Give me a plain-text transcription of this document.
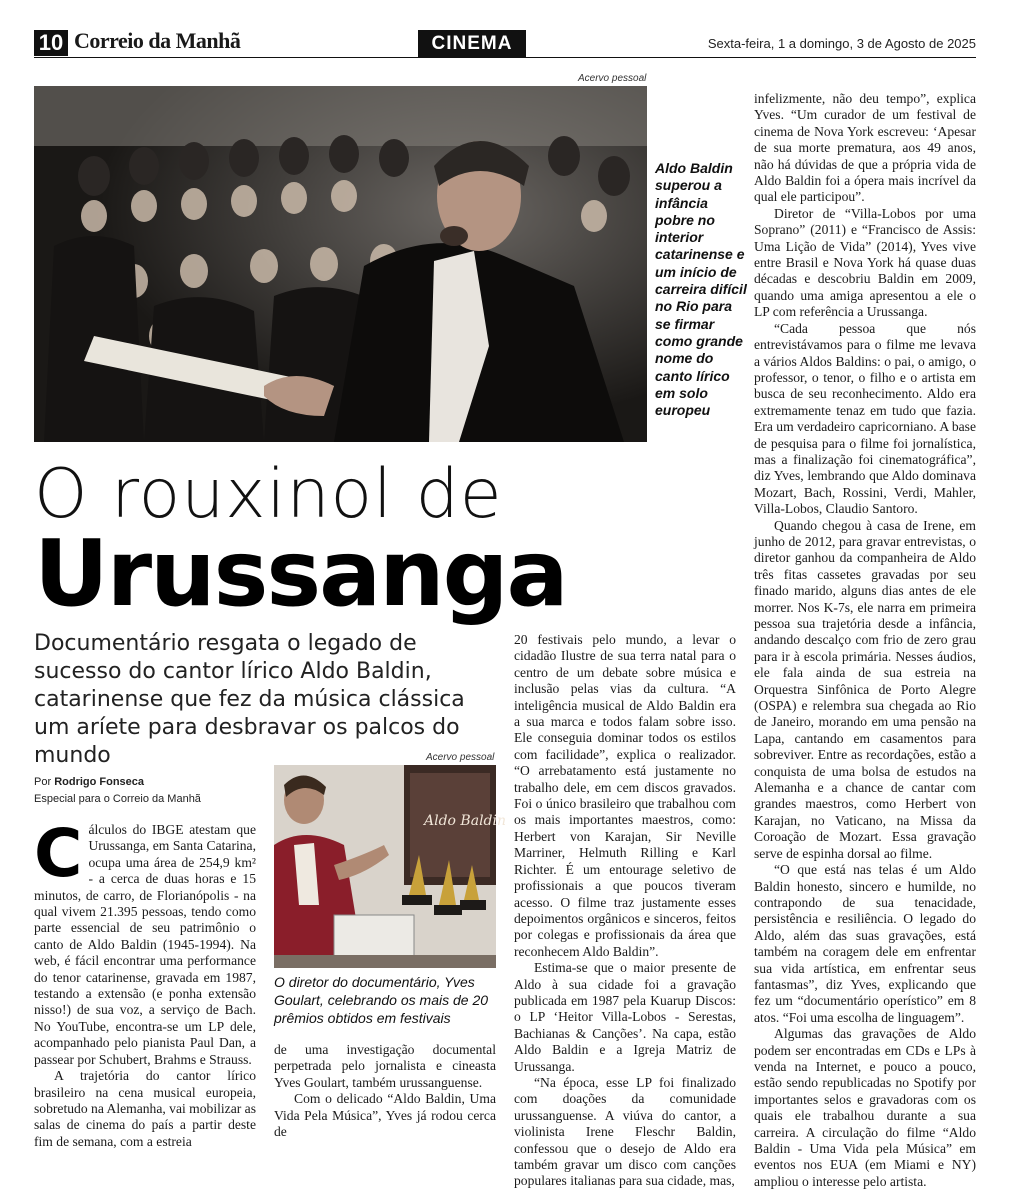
10 Correio da Manhã	CINEMA	Sexta-feira, 1 a domingo, 3 de Agosto de 2025
Acervo pessoal
Aldo Baldin superou a infância pobre no interior catarinense e um início de carreira difícil no Rio para se firmar como grande nome do canto lírico em solo europeu
O rouxinol de
Urussanga
Documentário resgata o legado de sucesso do cantor lírico Aldo Baldin, catarinense que fez da música clássica um aríete para desbravar os palcos do mundo
Por Rodrigo Fonseca
Especial para o Correio da Manhã
Acervo pessoal
Aldo Baldin
O diretor do documentário, Yves Goulart, celebrando os mais de 20 prêmios obtidos em festivais

Cálculos do IBGE atestam que Urussanga, em Santa Catarina, ocupa uma área de 254,9 km² - a cerca de duas horas e 15 minutos, de carro, de Florianópolis - na qual vivem 21.395 pessoas, tendo como parte essencial de seu patrimônio o canto de Aldo Baldin (1945-1994). Na web, é fácil encontrar uma performance do tenor catarinense, gravada em 1987, testando a extensão (e ponha extensão nisso!) de sua voz, a serviço de Bach. No YouTube, encontra-se um LP dele, acompanhado pelo pianista Paul Dan, a passear por Schubert, Brahms e Strauss.

A trajetória do cantor lírico brasileiro na cena musical europeia, sobretudo na Alemanha, vai mobilizar as salas de cinema do país a partir deste fim de semana, com a estreia

de uma investigação documental perpetrada pelo jornalista e cineasta Yves Goulart, também urussanguense.

Com o delicado “Aldo Baldin, Uma Vida Pela Música”, Yves já rodou cerca de

20 festivais pelo mundo, a levar o cidadão Ilustre de sua terra natal para o centro de um debate sobre música e inclusão pelas vias da cultura. “A inteligência musical de Aldo Baldin era a sua marca e todos falam sobre isso. Ele conseguia dominar todos os estilos com facilidade”, explica o realizador. “O arrebatamento está justamente no trabalho dele, em cem discos gravados. Foi o único brasileiro que trabalhou com os mais importantes maestros, como: Herbert von Karajan, Sir Neville Marriner, Helmuth Rilling e Karl Richter. É um entourage seletivo de profissionais a que poucos tiveram acesso. O filme traz justamente esses depoimentos orgânicos e sinceros, feitos por colegas e profissionais da área que reconhecem Aldo Baldin”.

Estima-se que o maior presente de Aldo à sua cidade foi a gravação publicada em 1987 pela Kuarup Discos: o LP ‘Heitor Villa-Lobos - Serestas, Bachianas & Canções’. Na capa, estão Aldo Baldin e a Igreja Matriz de Urussanga.

“Na época, esse LP foi finalizado com doações da comunidade urussanguense. A viúva do cantor, a violinista Irene Fleschr Baldin, confessou que o desejo de Aldo era também gravar um disco com canções populares italianas para sua cidade, mas,

infelizmente, não deu tempo”, explica Yves. “Um curador de um festival de cinema de Nova York escreveu: ‘Apesar de sua morte prematura, aos 49 anos, não há dúvidas de que a própria vida de Aldo Baldin foi a ópera mais incrível da qual ele participou”.

Diretor de “Villa-Lobos por uma Soprano” (2011) e “Francisco de Assis: Uma Lição de Vida” (2014), Yves vive entre Brasil e Nova York há quase duas décadas e descobriu Baldin em 2009, quando uma amiga apresentou a ele o LP com referência a Urussanga.

“Cada pessoa que nós entrevistávamos para o filme me levava a vários Aldos Baldins: o pai, o amigo, o professor, o tenor, o filho e o artista em busca de seu reconhecimento. Aldo era extremamente tenaz em tudo que fazia. Era um verdadeiro capricorniano. A base de pesquisa para o filme foi jornalística, mas a finalização foi cinematográfica”, diz Yves, lembrando que Aldo dominava Mozart, Bach, Rossini, Verdi, Mahler, Villa-Lobos, Claudio Santoro.

Quando chegou à casa de Irene, em junho de 2012, para gravar entrevistas, o diretor ganhou da companheira de Aldo três fitas cassetes gravadas por seu finado marido, alguns dias antes de ele morrer. Nos K-7s, ele narra em primeira pessoa sua trajetória desde a infância, andando descalço com frio de zero grau para ir à escola primária. Nesses áudios, ele fala ainda de sua estreia na Orquestra Sinfônica de Porto Alegre (OSPA) e relembra sua chegada ao Rio de Janeiro, morando em uma pensão na Lapa, cantando em casamentos para sobreviver. Entre as recordações, estão a conquista de uma bolsa de estudos na Alemanha e a chance de cantar com grandes maestros, como Herbert von Karajan, no Vaticano, na Missa da Coroação de Mozart. Essa gravação serve de espinha dorsal ao filme.

“O que está nas telas é um Aldo Baldin honesto, sincero e humilde, no contrapondo de sua tenacidade, persistência e resiliência. O legado do Aldo, além das suas gravações, está também na coragem dele em enfrentar sua vida artística, em enfrentar seus fantasmas”, diz Yves, explicando que fez um “documentário operístico” em 8 atos. “Foi uma escolha de linguagem”.

Algumas das gravações de Aldo podem ser encontradas em CDs e LPs à venda na Internet, e pouco a pouco, estão sendo republicadas no Spotify por importantes selos e gravadoras com os quais ele trabalhou durante a sua carreira. A circulação do filme “Aldo Baldin - Uma Vida pela Música” em eventos nos EUA (em Miami e NY) ampliou o interesse pelo artista.
